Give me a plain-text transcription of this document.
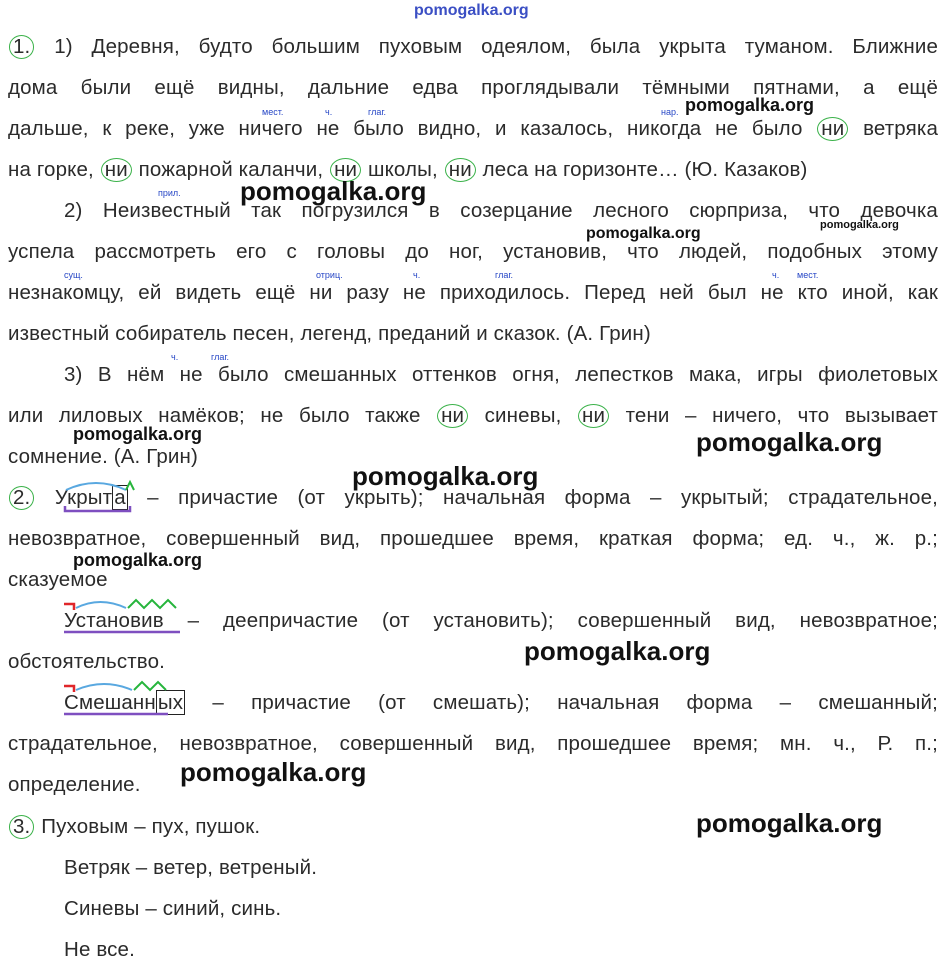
pomogalka.org
1. 1) Деревня, будто большим пуховым одеялом, была укрыта туманом. Ближние
дома были ещё видны, дальние едва проглядывали тёмными пятнами, а ещё
дальше, к реке, уже ничего не было видно, и казалось, никогда не было ни ветряка
на горке, ни пожарной каланчи, ни школы, ни леса на горизонте… (Ю. Казаков)
2) Неизвестный так погрузился в созерцание лесного сюрприза, что девочка
успела рассмотреть его с головы до ног, установив, что людей, подобных этому
незнакомцу, ей видеть ещё ни разу не приходилось. Перед ней был не кто иной, как
известный собиратель песен, легенд, преданий и сказок. (А. Грин)
3) В нём не было смешанных оттенков огня, лепестков мака, игры фиолетовых
или лиловых намёков; не было также ни синевы, ни тени – ничего, что вызывает
сомнение. (А. Грин)
2. Укрыта – причастие (от укрыть); начальная форма – укрытый; страдательное,
невозвратное, совершенный вид, прошедшее время, краткая форма; ед. ч., ж. р.;
сказуемое
Установив – деепричастие (от установить); совершенный вид, невозвратное;
обстоятельство.
Смешанных – причастие (от смешать); начальная форма – смешанный;
страдательное, невозвратное, совершенный вид, прошедшее время; мн. ч., Р. п.;
определение.
3. Пуховым – пух, пушок.
Ветряк – ветер, ветреный.
Синевы – синий, синь.
Не все.
мест.	ч.	глаг.	нар.
прил.
сущ.	отриц.	ч.	глаг.	ч. мест.
ч.	глаг.
pomogalka.org
pomogalka.org
pomogalka.org	pomogalka.org
pomogalka.org	pomogalka.org
pomogalka.org
pomogalka.org
pomogalka.org
pomogalka.org
pomogalka.org
